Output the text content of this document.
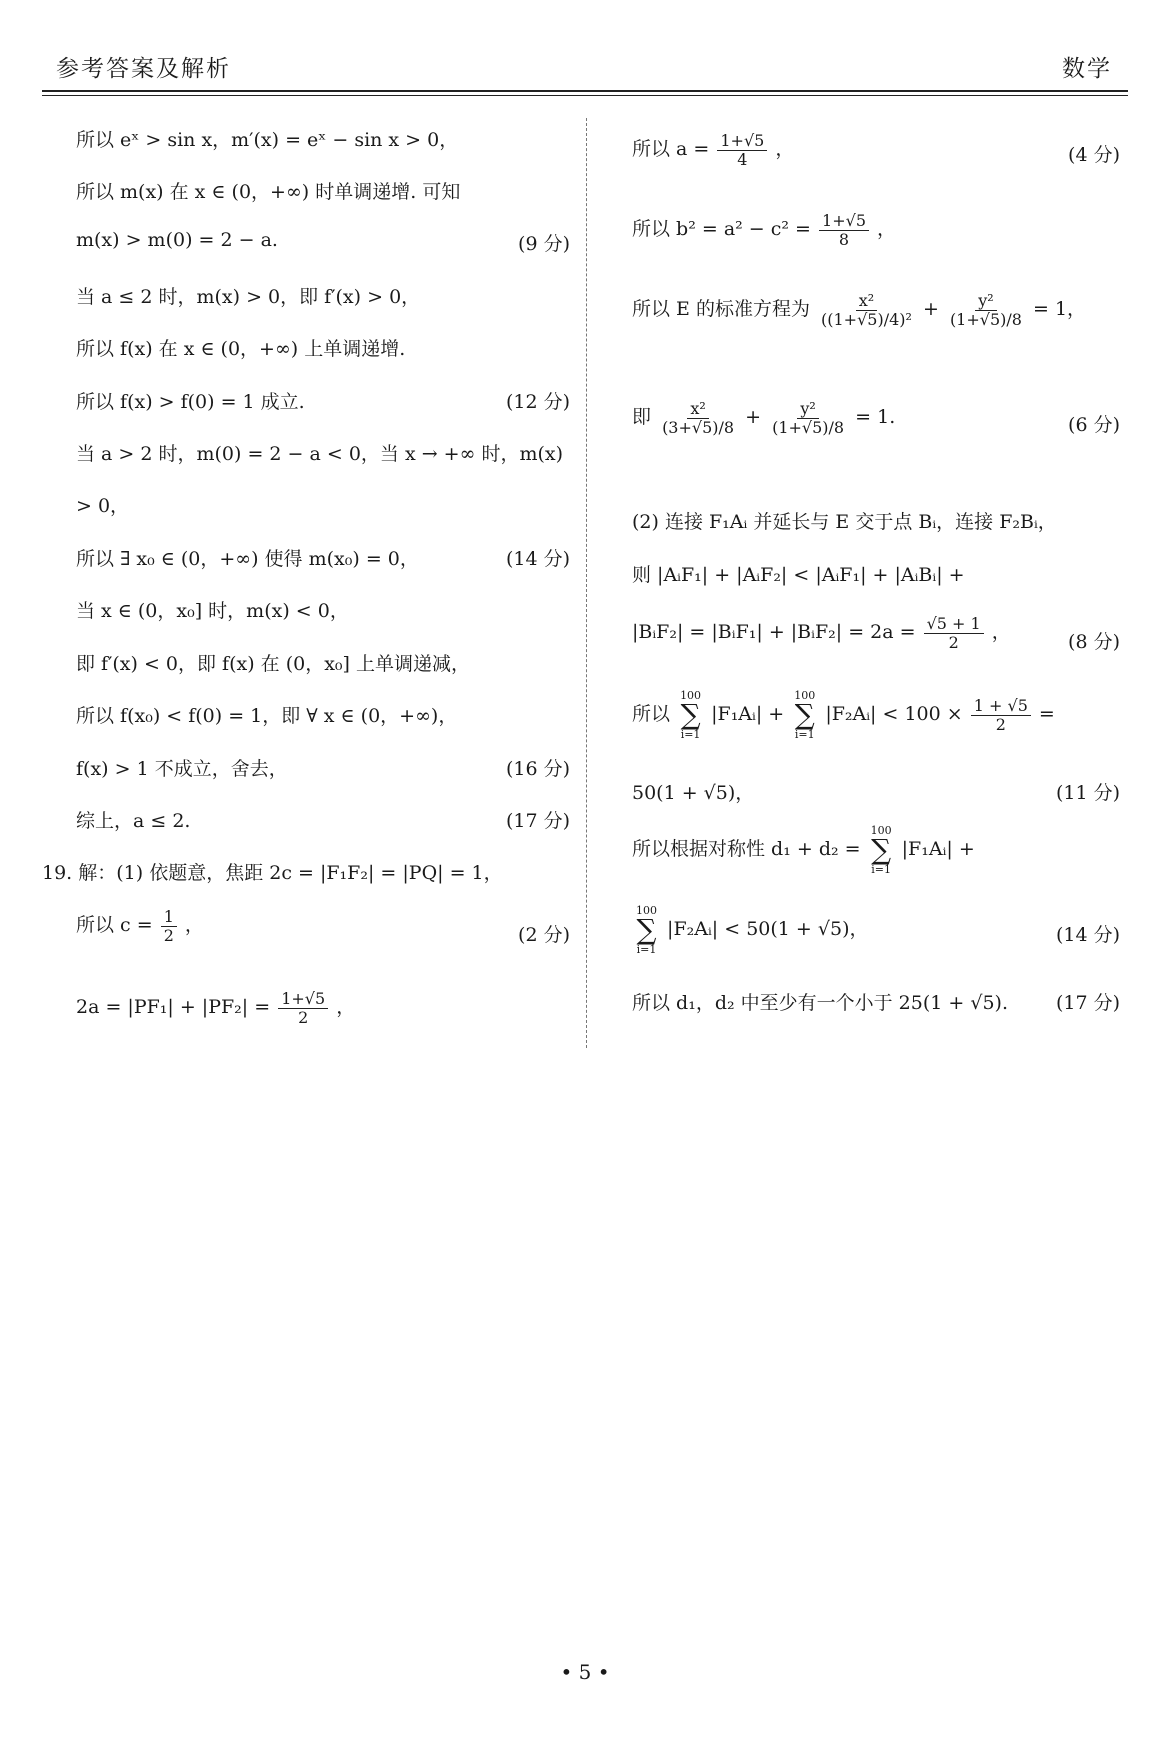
参考答案及解析	数学
所以 eˣ > sin x，m′(x) = eˣ − sin x > 0，
所以 m(x) 在 x ∈ (0，+∞) 时单调递增. 可知
m(x) > m(0) = 2 − a.	(9 分)
当 a ≤ 2 时，m(x) > 0，即 f′(x) > 0，
所以 f(x) 在 x ∈ (0，+∞) 上单调递增.
所以 f(x) > f(0) = 1 成立.	(12 分)
当 a > 2 时，m(0) = 2 − a < 0，当 x → +∞ 时，m(x)
> 0，
所以 ∃ x₀ ∈ (0，+∞) 使得 m(x₀) = 0，	(14 分)
当 x ∈ (0，x₀] 时，m(x) < 0，
即 f′(x) < 0，即 f(x) 在 (0，x₀] 上单调递减，
所以 f(x₀) < f(0) = 1，即 ∀ x ∈ (0，+∞)，
f(x) > 1 不成立，舍去，	(16 分)
综上，a ≤ 2.	(17 分)
19. 解：(1) 依题意，焦距 2c = |F₁F₂| = |PQ| = 1，
所以 $c = \frac{1}{2}$ ，	(2 分)
$2a = |PF_1| + |PF_2| = \frac{1+√5}{2}$ ，
所以 $a = \frac{1+√5}{4}$ ，	(4 分)
所以 $b^2 = a^2 - c^2 = \frac{1+√5}{8}$ ，
所以 E 的标准方程为 $\frac{\text{x²}}{\text{((1+√5)/4)²}} + \frac{\text{y²}}{(1+√5)/8} = 1$，
即 $\frac{\text{x²}}{(3+√5)/8} + \frac{\text{y²}}{(1+√5)/8} = 1$.	(6 分)
(2) 连接 F₁Aᵢ 并延长与 E 交于点 Bᵢ，连接 F₂Bᵢ，
则 |AᵢF₁| + |AᵢF₂| < |AᵢF₁| + |AᵢBᵢ| +
|BᵢF₂| = |BᵢF₁| + |BᵢF₂| = $2a = \frac{√5 + 1}{2}$ ，	(8 分)
所以
100
∑
i=1
|F₁Aᵢ| +
100
∑
i=1
|F₂Aᵢ| < $100 \times \frac{1 + √5}{2}$ =
50(1 + √5)，	(11 分)
所以根据对称性 d₁ + d₂ =
100
∑
i=1
|F₁Aᵢ| +
100
∑
i=1
|F₂Aᵢ| < 50(1 + √5)，	(14 分)
所以 d₁，d₂ 中至少有一个小于 25(1 + √5).	(17 分)
• 5 •
